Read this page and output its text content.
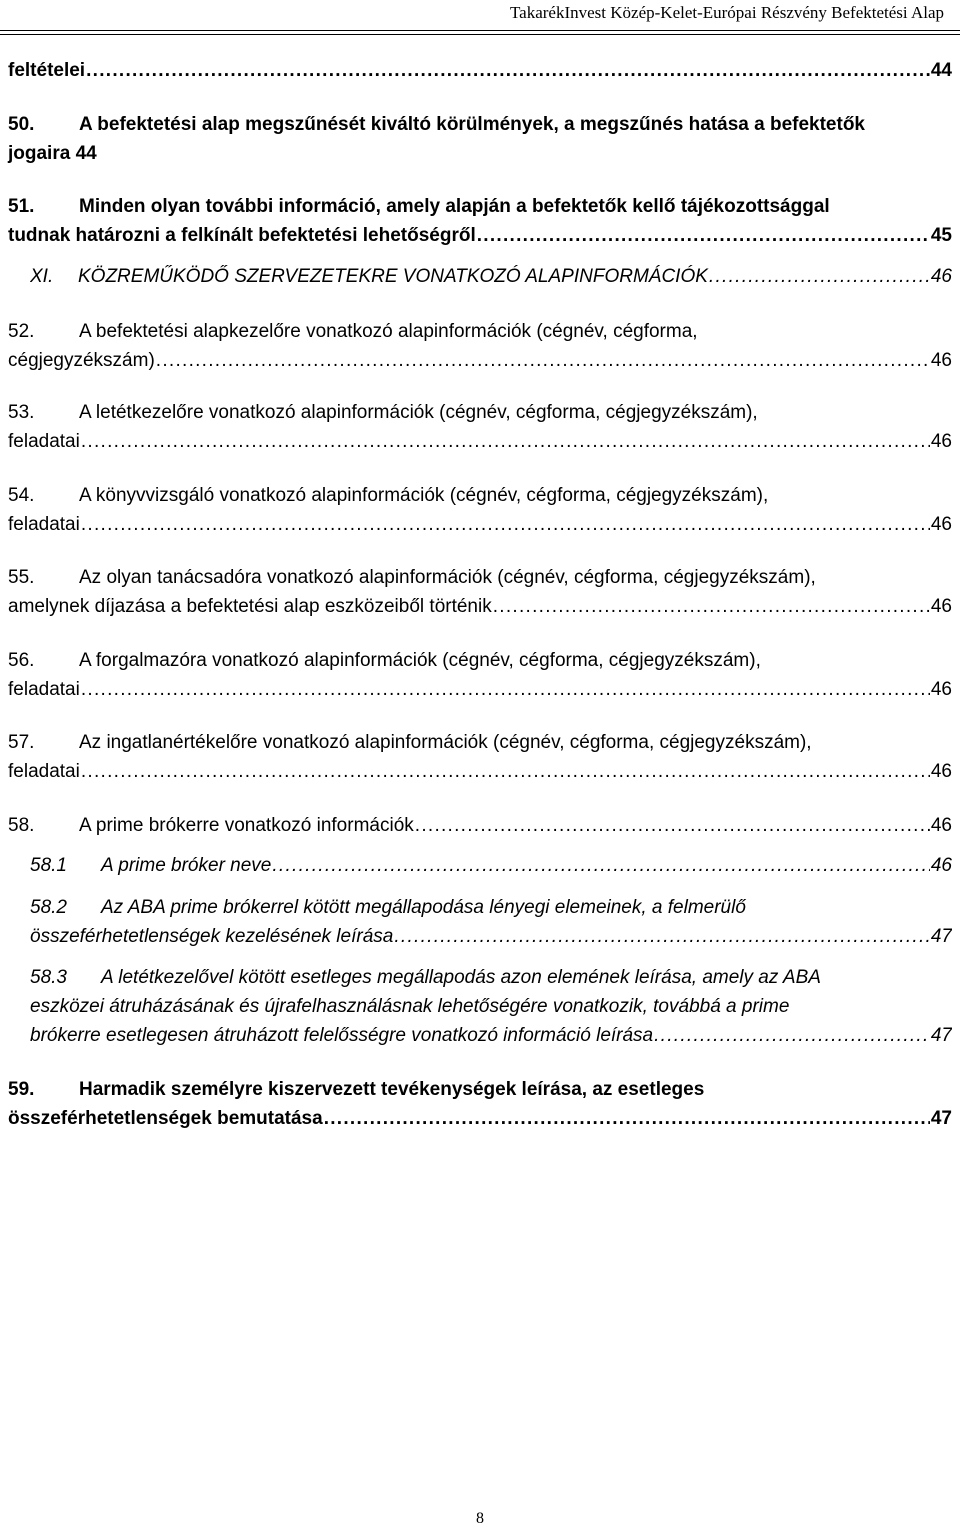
TakarékInvest Közép-Kelet-Európai Részvény Befektetési Alap
feltételei . . .	44
50. A befektetési alap megszűnését kiváltó körülmények, a megszűnés hatása a befektetők
jogaira 44
51. Minden olyan további információ, amely alapján a befektetők kellő tájékozottsággal
tudnak határozni a felkínált befektetési lehetőségről . . .	45
XI. KÖZREMŰKÖDŐ SZERVEZETEKRE VONATKOZÓ ALAPINFORMÁCIÓK . . .	46
52. A befektetési alapkezelőre vonatkozó alapinformációk (cégnév, cégforma,
cégjegyzékszám) . . .	46
53. A letétkezelőre vonatkozó alapinformációk (cégnév, cégforma, cégjegyzékszám),
feladatai . . .	46
54. A könyvvizsgáló vonatkozó alapinformációk (cégnév, cégforma, cégjegyzékszám),
feladatai . . .	46
55. Az olyan tanácsadóra vonatkozó alapinformációk (cégnév, cégforma, cégjegyzékszám),
amelynek díjazása a befektetési alap eszközeiből történik . . .	46
56. A forgalmazóra vonatkozó alapinformációk (cégnév, cégforma, cégjegyzékszám),
feladatai . . .	46
57. Az ingatlanértékelőre vonatkozó alapinformációk (cégnév, cégforma, cégjegyzékszám),
feladatai . . .	46
58. A prime brókerre vonatkozó információk . . .	46
58.1 A prime bróker neve . . .	46
58.2 Az ABA prime brókerrel kötött megállapodása lényegi elemeinek, a felmerülő
összeférhetetlenségek kezelésének leírása . . .	47
58.3 A letétkezelővel kötött esetleges megállapodás azon elemének leírása, amely az ABA
eszközei átruházásának és újrafelhasználásnak lehetőségére vonatkozik, továbbá a prime
brókerre esetlegesen átruházott felelősségre vonatkozó információ leírása . . .	47
59. Harmadik személyre kiszervezett tevékenységek leírása, az esetleges
összeférhetetlenségek bemutatása . . .	47
8
